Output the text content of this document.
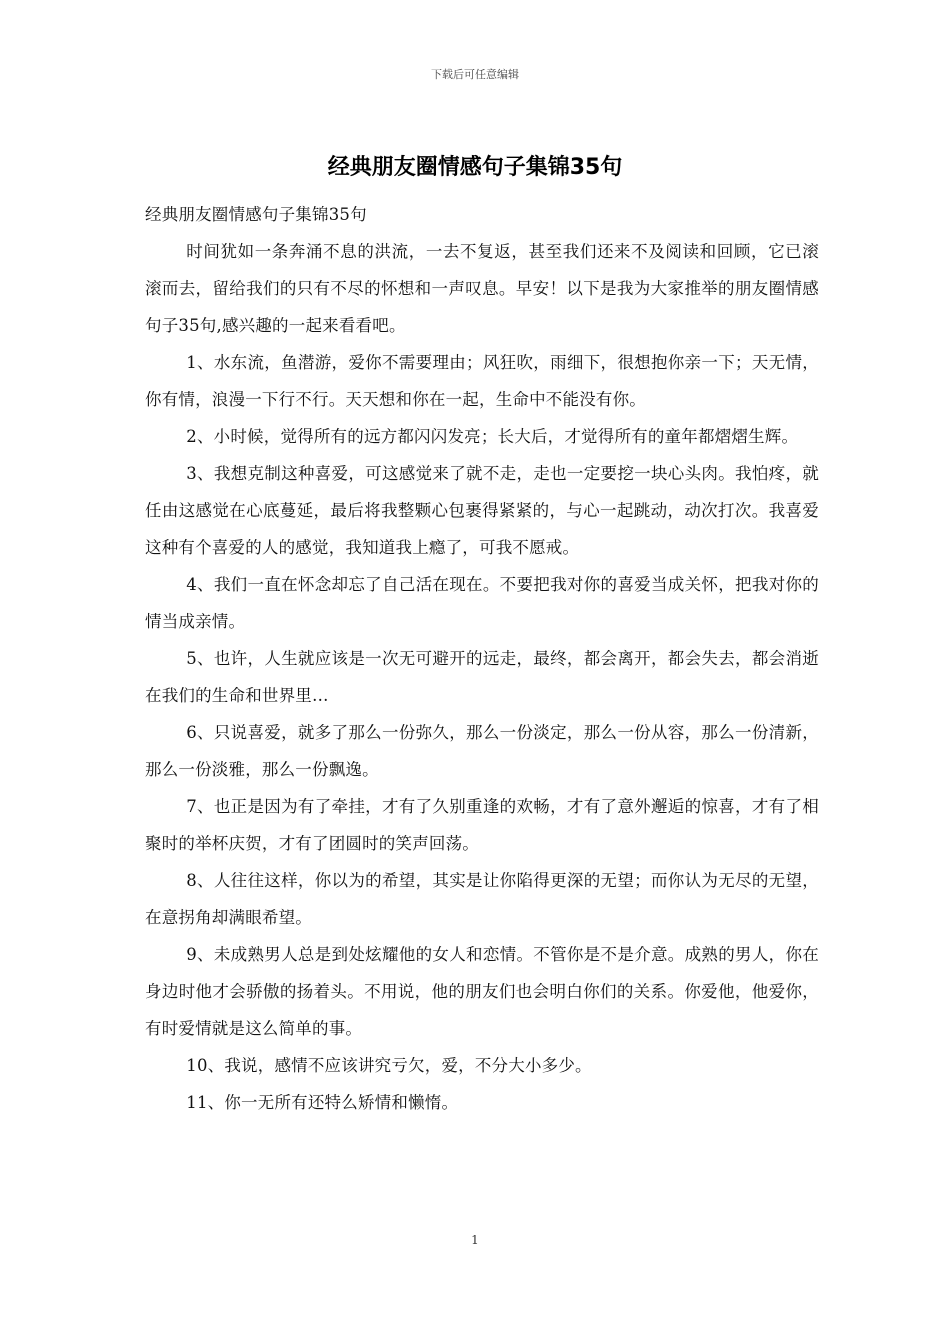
下载后可任意编辑
经典朋友圈情感句子集锦35句

经典朋友圈情感句子集锦35句

时间犹如一条奔涌不息的洪流，一去不复返，甚至我们还来不及阅读和回顾，它已滚滚而去，留给我们的只有不尽的怀想和一声叹息。早安！以下是我为大家推举的朋友圈情感句子35句,感兴趣的一起来看看吧。

1、水东流，鱼潜游，爱你不需要理由；风狂吹，雨细下，很想抱你亲一下；天无情，你有情，浪漫一下行不行。天天想和你在一起，生命中不能没有你。

2、小时候，觉得所有的远方都闪闪发亮；长大后，才觉得所有的童年都熠熠生辉。

3、我想克制这种喜爱，可这感觉来了就不走，走也一定要挖一块心头肉。我怕疼，就任由这感觉在心底蔓延，最后将我整颗心包裹得紧紧的，与心一起跳动，动次打次。我喜爱这种有个喜爱的人的感觉，我知道我上瘾了，可我不愿戒。

4、我们一直在怀念却忘了自己活在现在。不要把我对你的喜爱当成关怀，把我对你的情当成亲情。

5、也许，人生就应该是一次无可避开的远走，最终，都会离开，都会失去，都会消逝在我们的生命和世界里…

6、只说喜爱，就多了那么一份弥久，那么一份淡定，那么一份从容，那么一份清新，那么一份淡雅，那么一份飘逸。

7、也正是因为有了牵挂，才有了久别重逢的欢畅，才有了意外邂逅的惊喜，才有了相聚时的举杯庆贺，才有了团圆时的笑声回荡。

8、人往往这样，你以为的希望，其实是让你陷得更深的无望；而你认为无尽的无望，在意拐角却满眼希望。

9、未成熟男人总是到处炫耀他的女人和恋情。不管你是不是介意。成熟的男人，你在身边时他才会骄傲的扬着头。不用说，他的朋友们也会明白你们的关系。你爱他，他爱你，有时爱情就是这么简单的事。

10、我说，感情不应该讲究亏欠，爱，不分大小多少。

11、你一无所有还特么矫情和懒惰。

1
